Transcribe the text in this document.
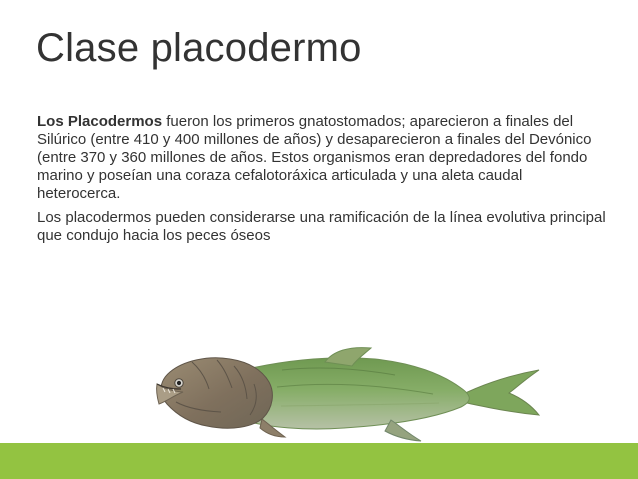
Clase placodermo

Los Placodermos fueron los primeros gnatostomados; aparecieron a finales del Silúrico (entre 410 y 400 millones de años) y desaparecieron a finales del Devónico (entre 370 y 360 millones de años. Estos organismos eran depredadores del fondo marino y poseían una coraza cefalotoráxica articulada y una aleta caudal heterocerca.

Los placodermos pueden considerarse una ramificación de la línea evolutiva principal que condujo hacia los peces óseos
